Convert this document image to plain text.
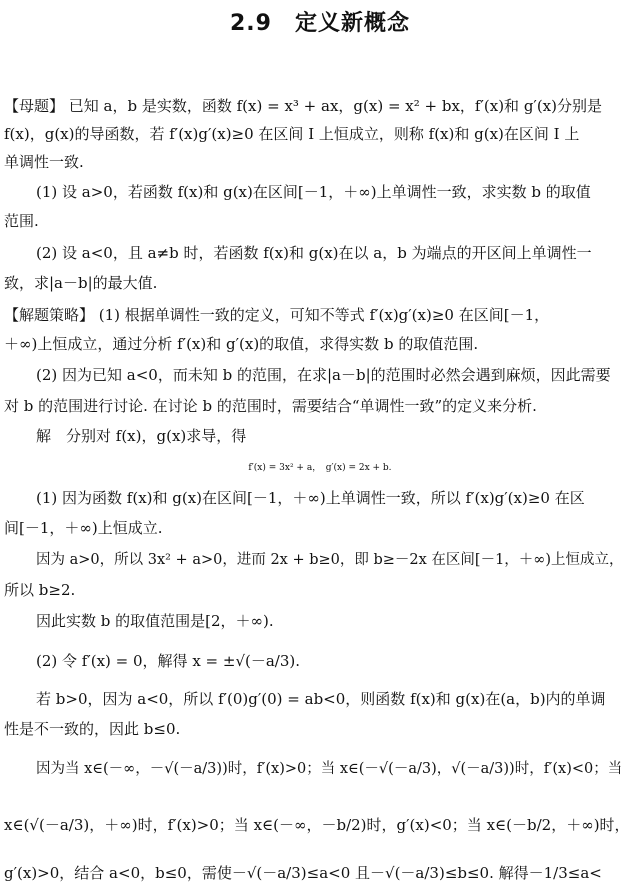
2.9　定义新概念
【母题】 已知 a，b 是实数，函数 f(x) = x³ + ax，g(x) = x² + bx，f′(x)和 g′(x)分别是
f(x)，g(x)的导函数，若 f′(x)g′(x)≥0 在区间 I 上恒成立，则称 f(x)和 g(x)在区间 I 上
单调性一致.
(1) 设 a>0，若函数 f(x)和 g(x)在区间[－1，＋∞)上单调性一致，求实数 b 的取值
范围.
(2) 设 a<0，且 a≠b 时，若函数 f(x)和 g(x)在以 a，b 为端点的开区间上单调性一
致，求|a－b|的最大值.
【解题策略】 (1) 根据单调性一致的定义，可知不等式 f′(x)g′(x)≥0 在区间[－1，
＋∞)上恒成立，通过分析 f′(x)和 g′(x)的取值，求得实数 b 的取值范围.
(2) 因为已知 a<0，而未知 b 的范围，在求|a－b|的范围时必然会遇到麻烦，因此需要
对 b 的范围进行讨论. 在讨论 b 的范围时，需要结合“单调性一致”的定义来分析.
解　分别对 f(x)，g(x)求导，得
f′(x) = 3x² + a，　g′(x) = 2x + b.
(1) 因为函数 f(x)和 g(x)在区间[－1，＋∞)上单调性一致，所以 f′(x)g′(x)≥0 在区
间[－1，＋∞)上恒成立.
因为 a>0，所以 3x² + a>0，进而 2x + b≥0，即 b≥－2x 在区间[－1，＋∞)上恒成立，
所以 b≥2.
因此实数 b 的取值范围是[2，＋∞).
(2) 令 f′(x) = 0，解得 x = ±√(－a/3).
若 b>0，因为 a<0，所以 f′(0)g′(0) = ab<0，则函数 f(x)和 g(x)在(a，b)内的单调
性是不一致的，因此 b≤0.
因为当 x∈(－∞，－√(－a/3))时，f′(x)>0；当 x∈(－√(－a/3)，√(－a/3))时，f′(x)<0；当
x∈(√(－a/3)，＋∞)时，f′(x)>0；当 x∈(－∞，－b/2)时，g′(x)<0；当 x∈(－b/2，＋∞)时，
g′(x)>0，结合 a<0，b≤0，需使－√(－a/3)≤a<0 且－√(－a/3)≤b≤0. 解得－1/3≤a<
